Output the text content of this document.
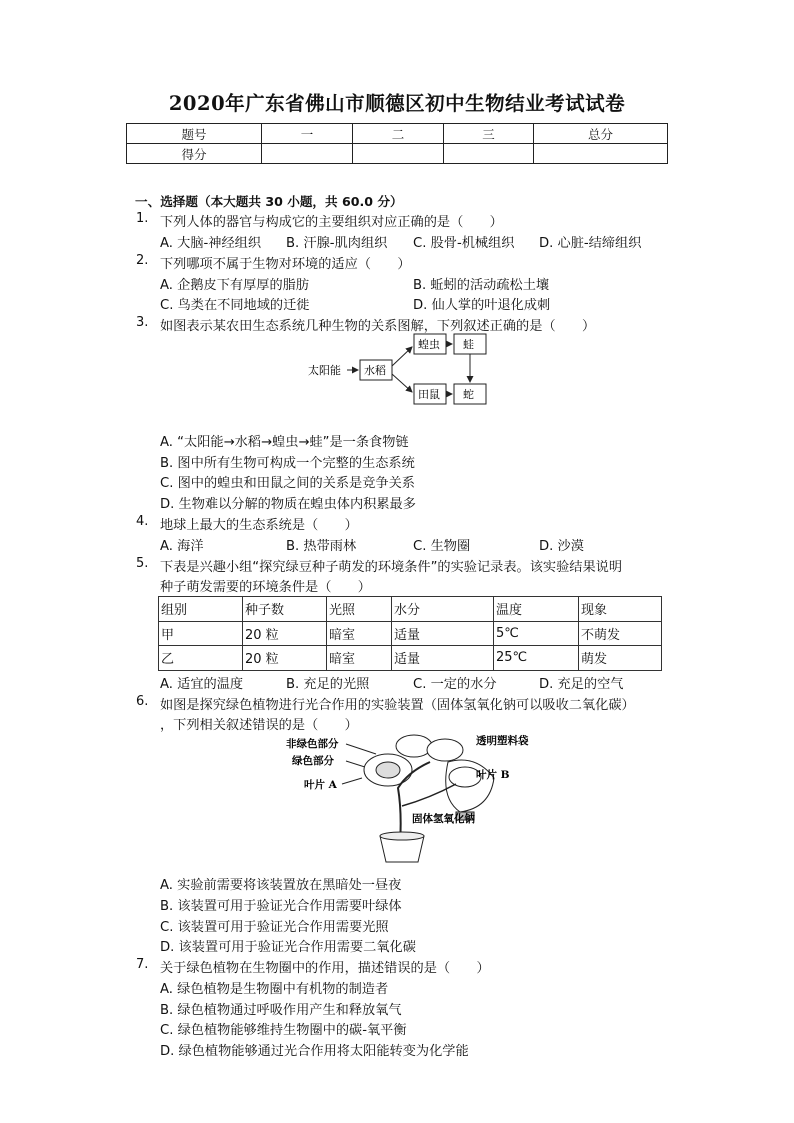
2020年广东省佛山市顺德区初中生物结业考试试卷
题号	一	二	三	总分
得分				
一、选择题（本大题共 30 小题，共 60.0 分）
1. 下列人体的器官与构成它的主要组织对应正确的是（　　）
A. 大脑-神经组织 B. 汗腺-肌肉组织 C. 股骨-机械组织 D. 心脏-结缔组织
2. 下列哪项不属于生物对环境的适应（　　）
A. 企鹅皮下有厚厚的脂肪	B. 蚯蚓的活动疏松土壤
C. 鸟类在不同地域的迁徙	D. 仙人掌的叶退化成刺
3. 如图表示某农田生态系统几种生物的关系图解，下列叙述正确的是（　　）
太阳能 水稻
蝗虫 蛙
田鼠 蛇
A. “太阳能→水稻→蝗虫→蛙”是一条食物链
B. 图中所有生物可构成一个完整的生态系统
C. 图中的蝗虫和田鼠之间的关系是竞争关系
D. 生物难以分解的物质在蝗虫体内积累最多
4. 地球上最大的生态系统是（　　）
A. 海洋	B. 热带雨林	C. 生物圈	D. 沙漠
5. 下表是兴趣小组“探究绿豆种子萌发的环境条件”的实验记录表。该实验结果说明
种子萌发需要的环境条件是（　　）
组别	种子数	光照	水分	温度	现象
甲	20 粒	暗室	适量	5℃	不萌发
乙	20 粒	暗室	适量	25℃	萌发
A. 适宜的温度	B. 充足的光照	C. 一定的水分	D. 充足的空气
6. 如图是探究绿色植物进行光合作用的实验装置（固体氢氧化钠可以吸收二氧化碳）
，下列相关叙述错误的是（　　）
非绿色部分
绿色部分
叶片 A
透明塑料袋
叶片 B
固体氢氧化钠
A. 实验前需要将该装置放在黑暗处一昼夜
B. 该装置可用于验证光合作用需要叶绿体
C. 该装置可用于验证光合作用需要光照
D. 该装置可用于验证光合作用需要二氧化碳
7. 关于绿色植物在生物圈中的作用，描述错误的是（　　）
A. 绿色植物是生物圈中有机物的制造者
B. 绿色植物通过呼吸作用产生和释放氧气
C. 绿色植物能够维持生物圈中的碳-氧平衡
D. 绿色植物能够通过光合作用将太阳能转变为化学能
